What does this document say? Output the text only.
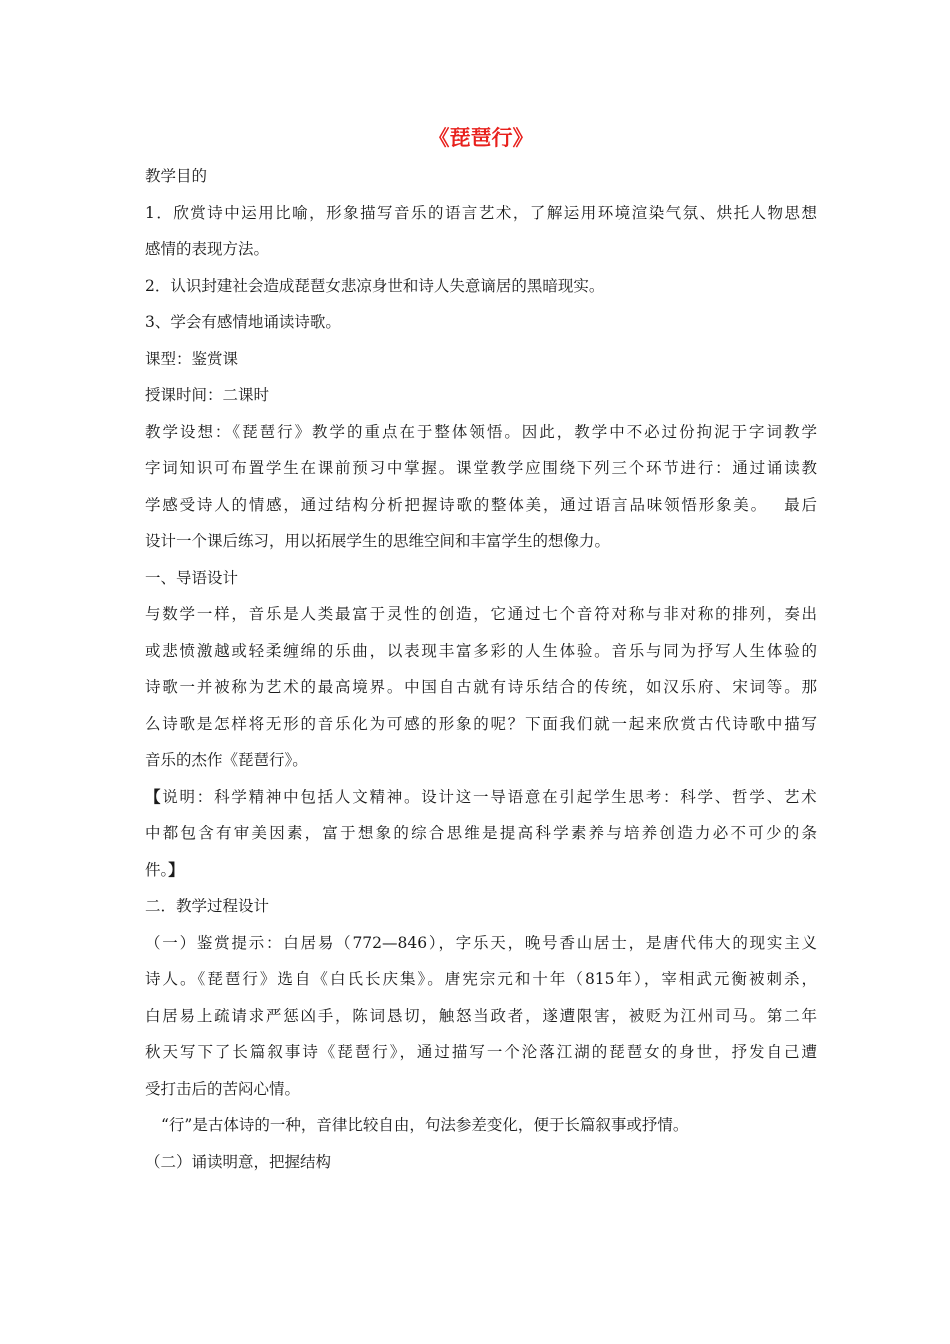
《琵琶行》

教学目的

1．欣赏诗中运用比喻，形象描写音乐的语言艺术，了解运用环境渲染气氛、烘托人物思想

感情的表现方法。

2．认识封建社会造成琵琶女悲凉身世和诗人失意谪居的黑暗现实。

3、学会有感情地诵读诗歌。

课型：鉴赏课

授课时间：二课时

教学设想：《琵琶行》教学的重点在于整体领悟。因此，教学中不必过份拘泥于字词教学

字词知识可布置学生在课前预习中掌握。课堂教学应围绕下列三个环节进行：通过诵读教

学感受诗人的情感，通过结构分析把握诗歌的整体美，通过语言品味领悟形象美。　 最后

设计一个课后练习，用以拓展学生的思维空间和丰富学生的想像力。

一、导语设计

与数学一样，音乐是人类最富于灵性的创造，它通过七个音符对称与非对称的排列，奏出

或悲愤激越或轻柔缠绵的乐曲，以表现丰富多彩的人生体验。音乐与同为抒写人生体验的

诗歌一并被称为艺术的最高境界。中国自古就有诗乐结合的传统，如汉乐府、宋词等。那

么诗歌是怎样将无形的音乐化为可感的形象的呢？下面我们就一起来欣赏古代诗歌中描写

音乐的杰作《琵琶行》。

【说明：科学精神中包括人文精神。设计这一导语意在引起学生思考：科学、哲学、艺术

中都包含有审美因素，富于想象的综合思维是提高科学素养与培养创造力必不可少的条

件。】

二．教学过程设计

（一）鉴赏提示：白居易（772—846），字乐天，晚号香山居士，是唐代伟大的现实主义

诗人。《琵琶行》选自《白氏长庆集》。唐宪宗元和十年（815年），宰相武元衡被刺杀，

白居易上疏请求严惩凶手，陈词恳切，触怒当政者，遂遭限害，被贬为江州司马。第二年

秋天写下了长篇叙事诗《琵琶行》，通过描写一个沦落江湖的琵琶女的身世，抒发自己遭

受打击后的苦闷心情。

“行”是古体诗的一种，音律比较自由，句法参差变化，便于长篇叙事或抒情。

（二）诵读明意，把握结构
